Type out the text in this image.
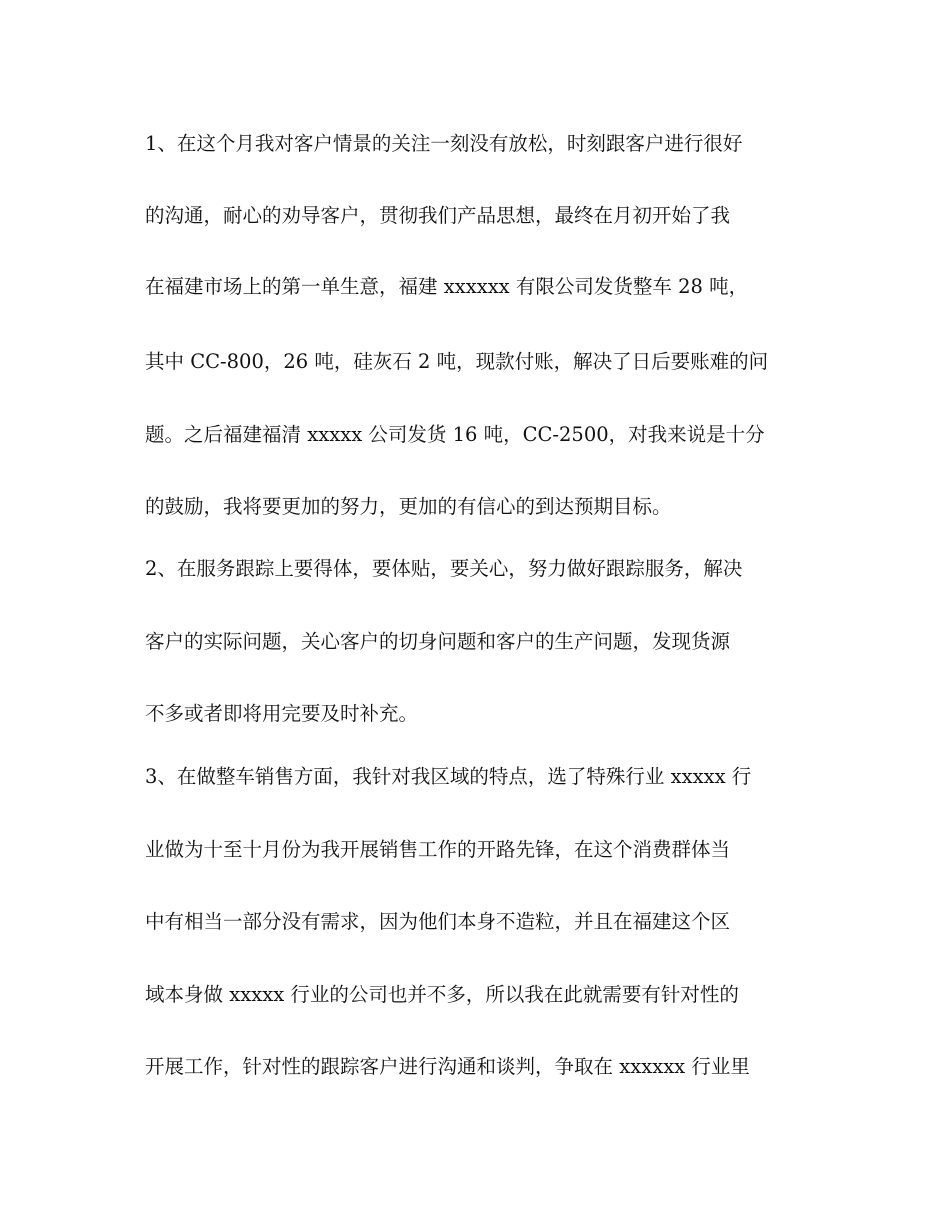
1、在这个月我对客户情景的关注一刻没有放松，时刻跟客户进行很好
的沟通，耐心的劝导客户，贯彻我们产品思想，最终在月初开始了我
在福建市场上的第一单生意，福建 xxxxxx 有限公司发货整车 28 吨，
其中 CC-800，26 吨，硅灰石 2 吨，现款付账，解决了日后要账难的问
题。之后福建福清 xxxxx 公司发货 16 吨，CC-2500，对我来说是十分
的鼓励，我将要更加的努力，更加的有信心的到达预期目标。
2、在服务跟踪上要得体，要体贴，要关心，努力做好跟踪服务，解决
客户的实际问题，关心客户的切身问题和客户的生产问题，发现货源
不多或者即将用完要及时补充。
3、在做整车销售方面，我针对我区域的特点，选了特殊行业 xxxxx 行
业做为十至十月份为我开展销售工作的开路先锋，在这个消费群体当
中有相当一部分没有需求，因为他们本身不造粒，并且在福建这个区
域本身做 xxxxx 行业的公司也并不多，所以我在此就需要有针对性的
开展工作，针对性的跟踪客户进行沟通和谈判，争取在 xxxxxx 行业里
